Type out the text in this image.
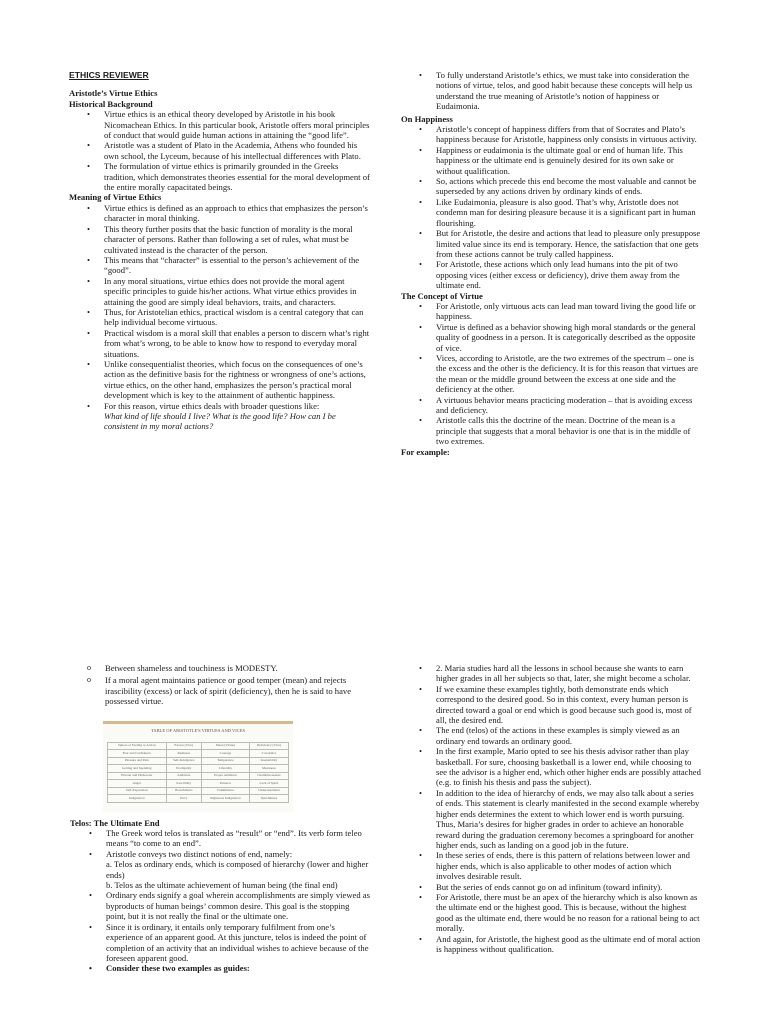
ETHICS REVIEWER
Aristotle’s Virtue Ethics
Historical Background
• Virtue ethics is an ethical theory developed by Aristotle in his book Nicomachean Ethics. In this particular book, Aristotle offers moral principles of conduct that would guide human actions in attaining the “good life”.
• Aristotle was a student of Plato in the Academia, Athens who founded his own school, the Lyceum, because of his intellectual differences with Plato.
• The formulation of virtue ethics is primarily grounded in the Greeks tradition, which demonstrates theories essential for the moral development of the entire morally capacitated beings.
Meaning of Virtue Ethics
• Virtue ethics is defined as an approach to ethics that emphasizes the person’s character in moral thinking.
• This theory further posits that the basic function of morality is the moral character of persons. Rather than following a set of rules, what must be cultivated instead is the character of the person.
• This means that “character” is essential to the person’s achievement of the “good”.
• In any moral situations, virtue ethics does not provide the moral agent specific principles to guide his/her actions. What virtue ethics provides in attaining the good are simply ideal behaviors, traits, and characters.
• Thus, for Aristotelian ethics, practical wisdom is a central category that can help individual become virtuous.
• Practical wisdom is a moral skill that enables a person to discern what’s right from what’s wrong, to be able to know how to respond to everyday moral situations.
• Unlike consequentialist theories, which focus on the consequences of one’s action as the definitive basis for the rightness or wrongness of one’s actions, virtue ethics, on the other hand, emphasizes the person’s practical moral development which is key to the attainment of authentic happiness.
• For this reason, virtue ethics deals with broader questions like:
What kind of life should I live? What is the good life? How can I be consistent in my moral actions?
• To fully understand Aristotle’s ethics, we must take into consideration the notions of virtue, telos, and good habit because these concepts will help us understand the true meaning of Aristotle’s notion of happiness or Eudaimonia.
On Happiness
• Aristotle’s concept of happiness differs from that of Socrates and Plato’s happiness because for Aristotle, happiness only consists in virtuous activity.
• Happiness or eudaimonia is the ultimate goal or end of human life. This happiness or the ultimate end is genuinely desired for its own sake or without qualification.
• So, actions which precede this end become the most valuable and cannot be superseded by any actions driven by ordinary kinds of ends.
• Like Eudaimonia, pleasure is also good. That’s why, Aristotle does not condemn man for desiring pleasure because it is a significant part in human flourishing.
• But for Aristotle, the desire and actions that lead to pleasure only presuppose limited value since its end is temporary. Hence, the satisfaction that one gets from these actions cannot be truly called happiness.
• For Aristotle, these actions which only lead humans into the pit of two opposing vices (either excess or deficiency), drive them away from the ultimate end.
The Concept of Virtue
• For Aristotle, only virtuous acts can lead man toward living the good life or happiness.
• Virtue is defined as a behavior showing high moral standards or the general quality of goodness in a person. It is categorically described as the opposite of vice.
• Vices, according to Aristotle, are the two extremes of the spectrum – one is the excess and the other is the deficiency. It is for this reason that virtues are the mean or the middle ground between the excess at one side and the deficiency at the other.
• A virtuous behavior means practicing moderation – that is avoiding excess and deficiency.
• Aristotle calls this the doctrine of the mean. Doctrine of the mean is a principle that suggests that a moral behavior is one that is in the middle of two extremes.
For example:
o Between shameless and touchiness is MODESTY.
o If a moral agent maintains patience or good temper (mean) and rejects irascibility (excess) or lack of spirit (deficiency), then he is said to have possessed virtue.
TABLE OF ARISTOTLE'S VIRTUES AND VICES
Sphere of Feeling or Action	Excess (Vice)	Mean (Virtue)	Deficiency (Vice)
Fear and Confidence	Rashness	Courage	Cowardice
Pleasure and Pain	Self-Indulgence	Temperance	Insensibility
Getting and Spending	Prodigality	Liberality	Meanness
Honour and Dishonour	Ambition	Proper Ambition	Unambitiousness
Anger	Irascibility	Patience	Lack of Spirit
Self-Expression	Boastfulness	Truthfulness	Understatement
Indignation	Envy	Righteous Indignation	Spitefulness
Telos: The Ultimate End
• The Greek word telos is translated as “result” or “end”. Its verb form teleo means “to come to an end”.
• Aristotle conveys two distinct notions of end, namely:
a. Telos as ordinary ends, which is composed of hierarchy (lower and higher ends)
b. Telos as the ultimate achievement of human being (the final end)
• Ordinary ends signify a goal wherein accomplishments are simply viewed as byproducts of human beings’ common desire. This goal is the stopping point, but it is not really the final or the ultimate one.
• Since it is ordinary, it entails only temporary fulfilment from one’s experience of an apparent good. At this juncture, telos is indeed the point of completion of an activity that an individual wishes to achieve because of the foreseen apparent good.
• Consider these two examples as guides:
• 2. Maria studies hard all the lessons in school because she wants to earn higher grades in all her subjects so that, later, she might become a scholar.
• If we examine these examples tightly, both demonstrate ends which correspond to the desired good. So in this context, every human person is directed toward a goal or end which is good because such good is, most of all, the desired end.
• The end (telos) of the actions in these examples is simply viewed as an ordinary end towards an ordinary good.
• In the first example, Mario opted to see his thesis advisor rather than play basketball. For sure, choosing basketball is a lower end, while choosing to see the advisor is a higher end, which other higher ends are possibly attached (e.g. to finish his thesis and pass the subject).
• In addition to the idea of hierarchy of ends, we may also talk about a series of ends. This statement is clearly manifested in the second example whereby higher ends determines the extent to which lower end is worth pursuing. Thus, Maria’s desires for higher grades in order to achieve an honorable reward during the graduation ceremony becomes a springboard for another higher ends, such as landing on a good job in the future.
• In these series of ends, there is this pattern of relations between lower and higher ends, which is also applicable to other modes of action which involves desirable result.
• But the series of ends cannot go on ad infinitum (toward infinity).
• For Aristotle, there must be an apex of the hierarchy which is also known as the ultimate end or the highest good. This is because, without the highest good as the ultimate end, there would be no reason for a rational being to act morally.
• And again, for Aristotle, the highest good as the ultimate end of moral action is happiness without qualification.
